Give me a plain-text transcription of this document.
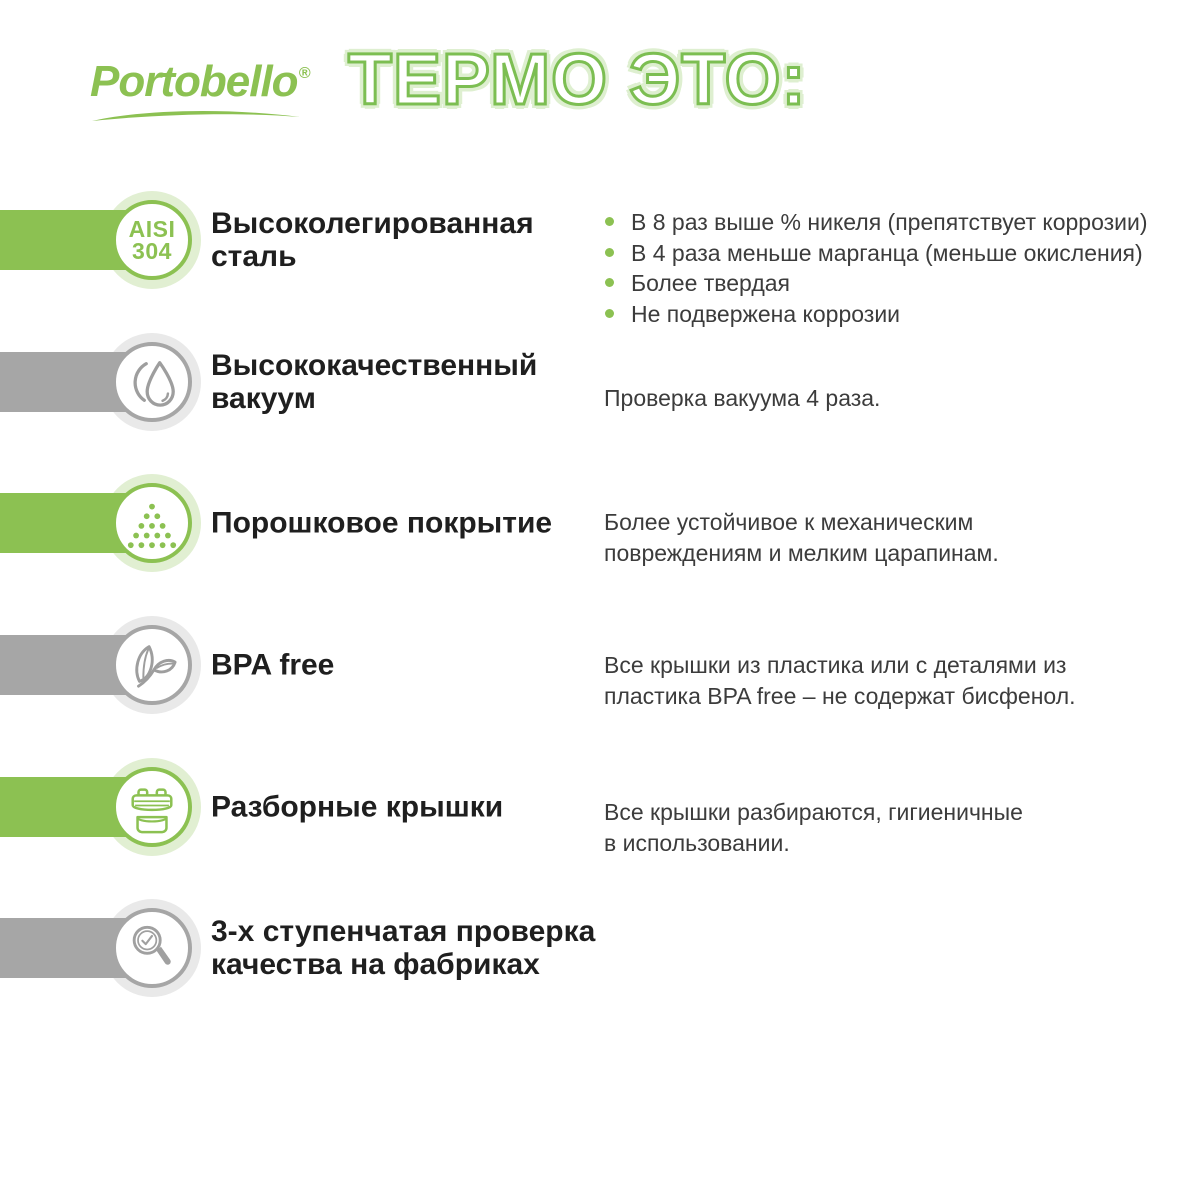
Portobello® ТЕРМО ЭТО:
AISI
304
Высоколегированная
сталь
В 8 раз выше % никеля (препятствует коррозии)
В 4 раза меньше марганца (меньше окисления)
Более твердая
Не подвержена коррозии
Высококачественный
вакуум	Проверка вакуума 4 раза.
Порошковое покрытие	Более устойчивое к механическим
повреждениям и мелким царапинам.
BPA free	Все крышки из пластика или с деталями из
пластика BPA free – не содержат бисфенол.
Разборные крышки	Все крышки разбираются, гигиеничные
в использовании.
3-х ступенчатая проверка
качества на фабриках
